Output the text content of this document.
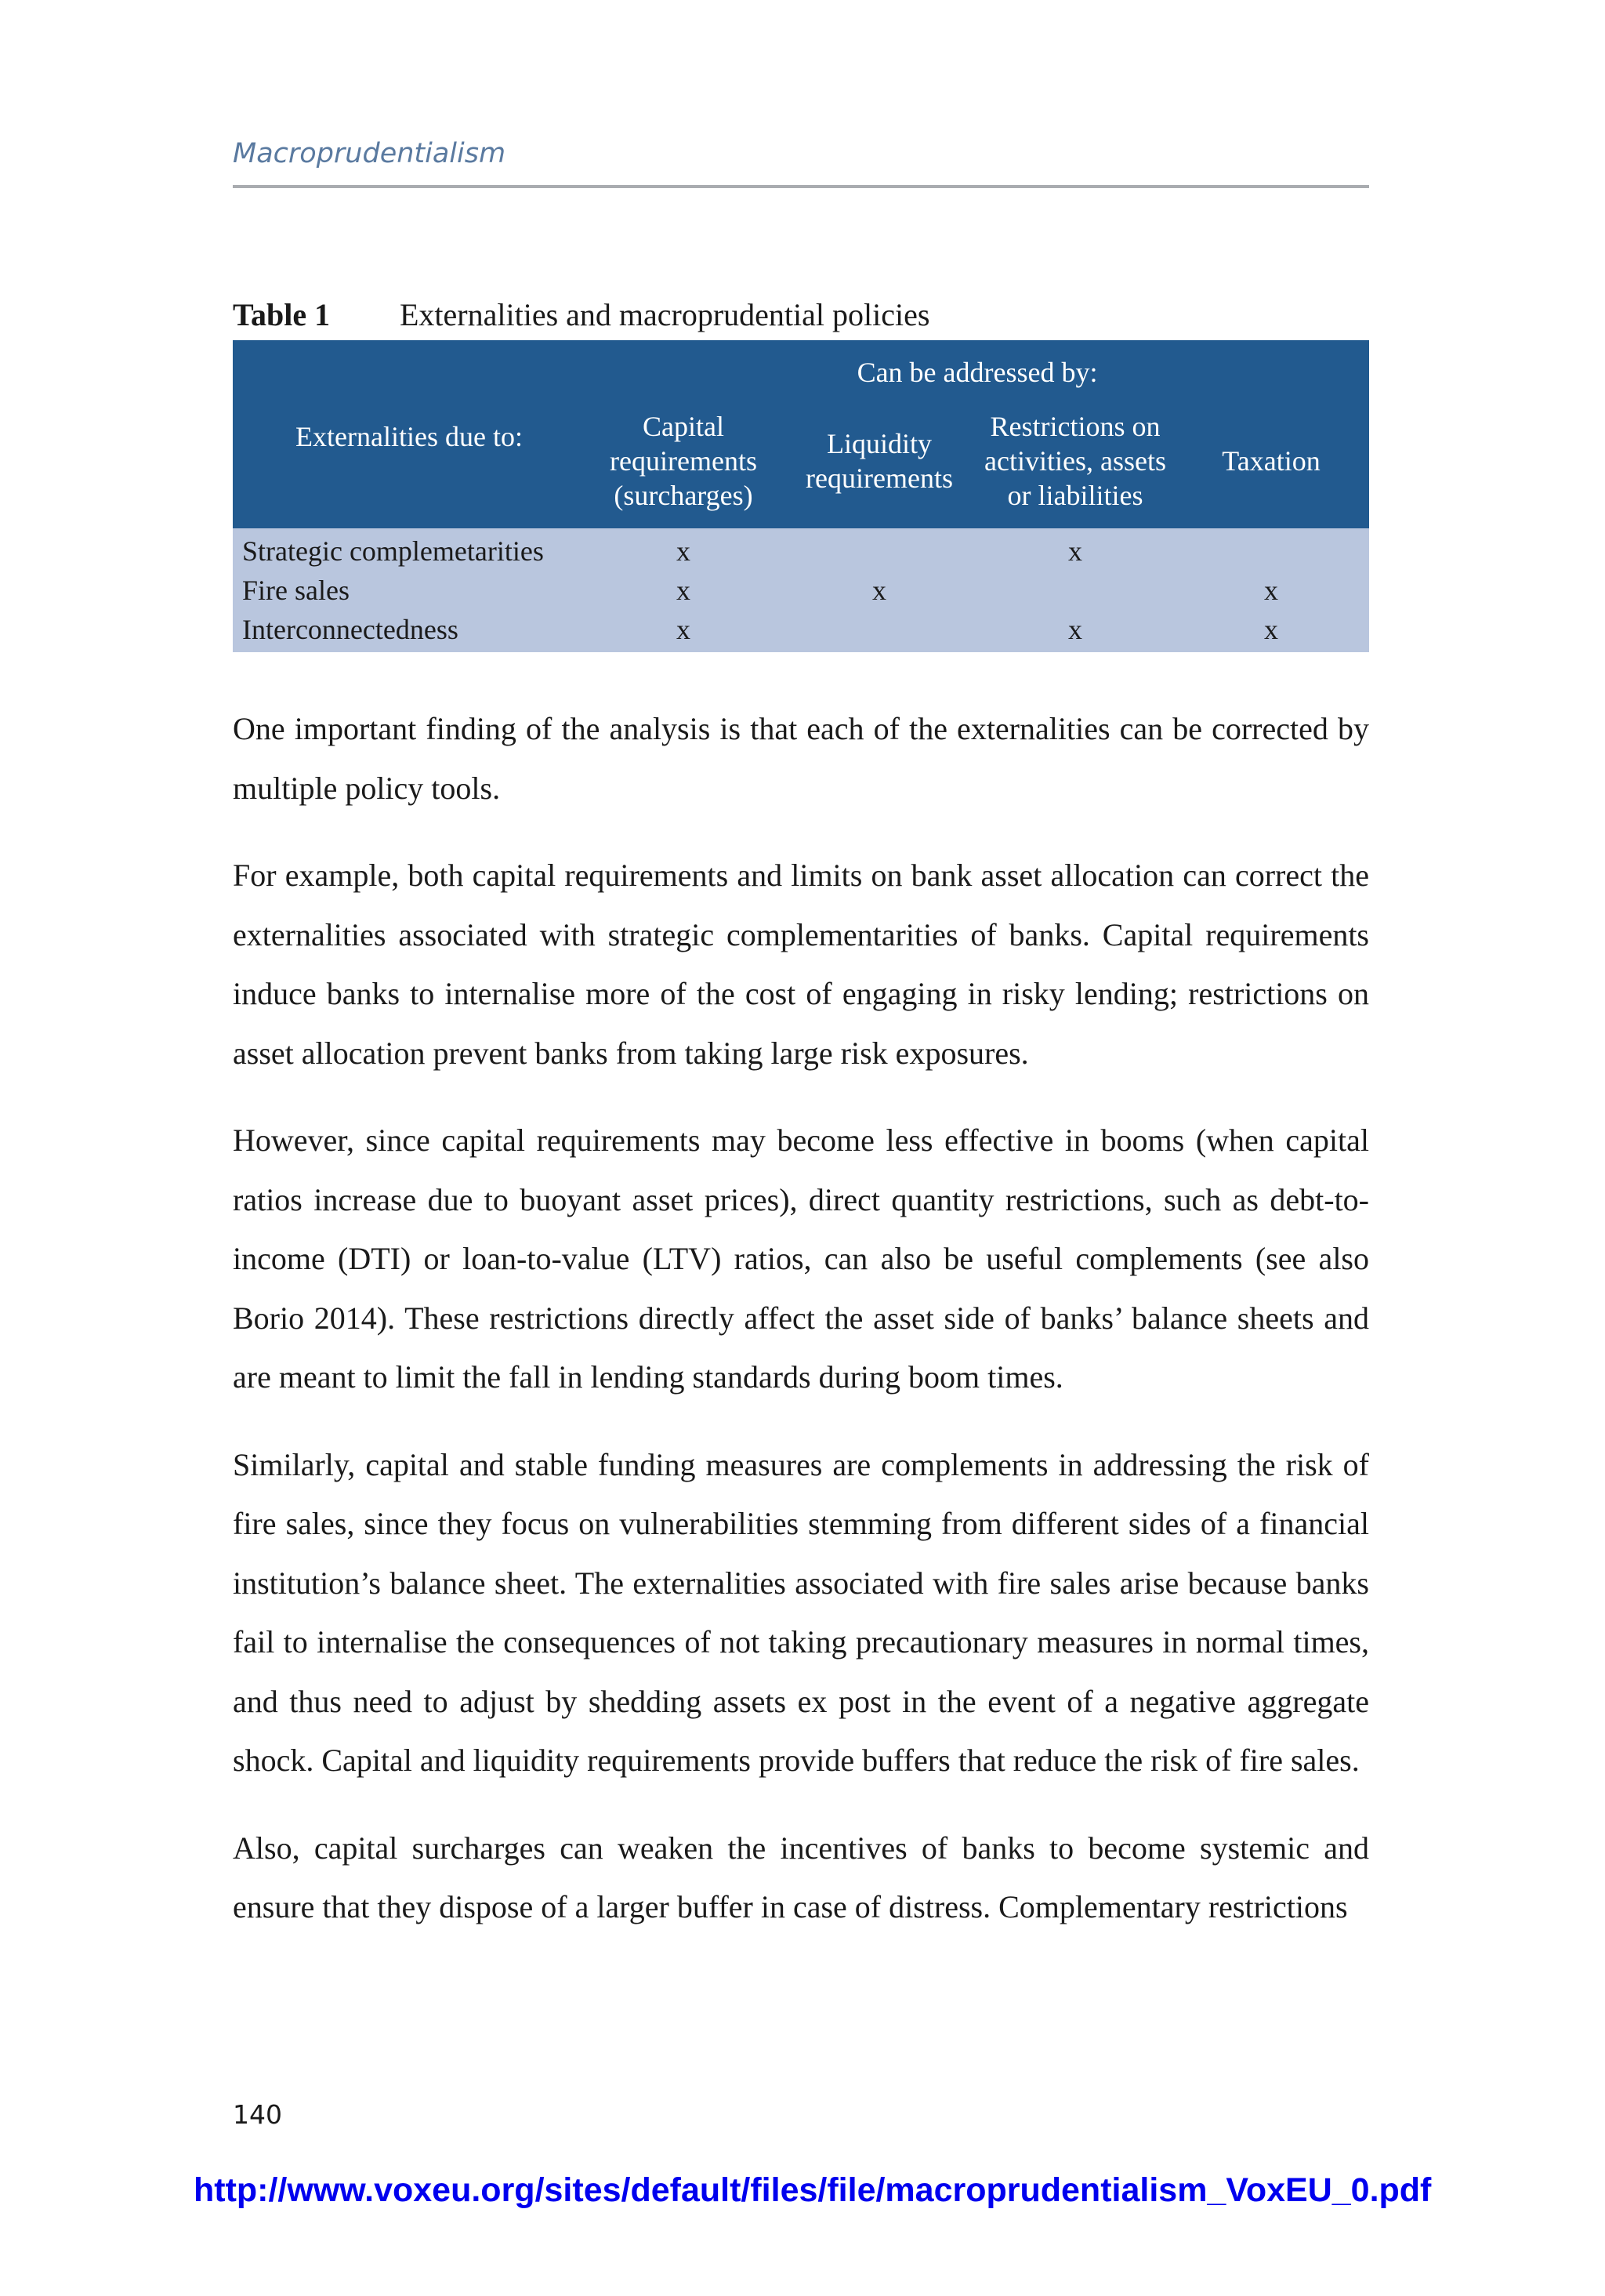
Macroprudentialism
Table 1 Externalities and macroprudential policies
Externalities due to:	Can be addressed by:			
	Capital requirements (surcharges)	Liquidity requirements	Restrictions on activities, assets or liabilities	Taxation
Strategic complemetarities	x		x	
Fire sales	x	x		x
Interconnectedness	x		x	x

One important finding of the analysis is that each of the externalities can be corrected by multiple policy tools.

For example, both capital requirements and limits on bank asset allocation can correct the externalities associated with strategic complementarities of banks. Capital requirements induce banks to internalise more of the cost of engaging in risky lending; restrictions on asset allocation prevent banks from taking large risk exposures.

However, since capital requirements may become less effective in booms (when capital ratios increase due to buoyant asset prices), direct quantity restrictions, such as debt-to-income (DTI) or loan-to-value (LTV) ratios, can also be useful complements (see also Borio 2014). These restrictions directly affect the asset side of banks’ balance sheets and are meant to limit the fall in lending standards during boom times.

Similarly, capital and stable funding measures are complements in addressing the risk of fire sales, since they focus on vulnerabilities stemming from different sides of a financial institution’s balance sheet. The externalities associated with fire sales arise because banks fail to internalise the consequences of not taking precautionary measures in normal times, and thus need to adjust by shedding assets ex post in the event of a negative aggregate shock. Capital and liquidity requirements provide buffers that reduce the risk of fire sales.

Also, capital surcharges can weaken the incentives of banks to become systemic and ensure that they dispose of a larger buffer in case of distress. Complementary restrictions

140
http://www.voxeu.org/sites/default/files/file/macroprudentialism_VoxEU_0.pdf
